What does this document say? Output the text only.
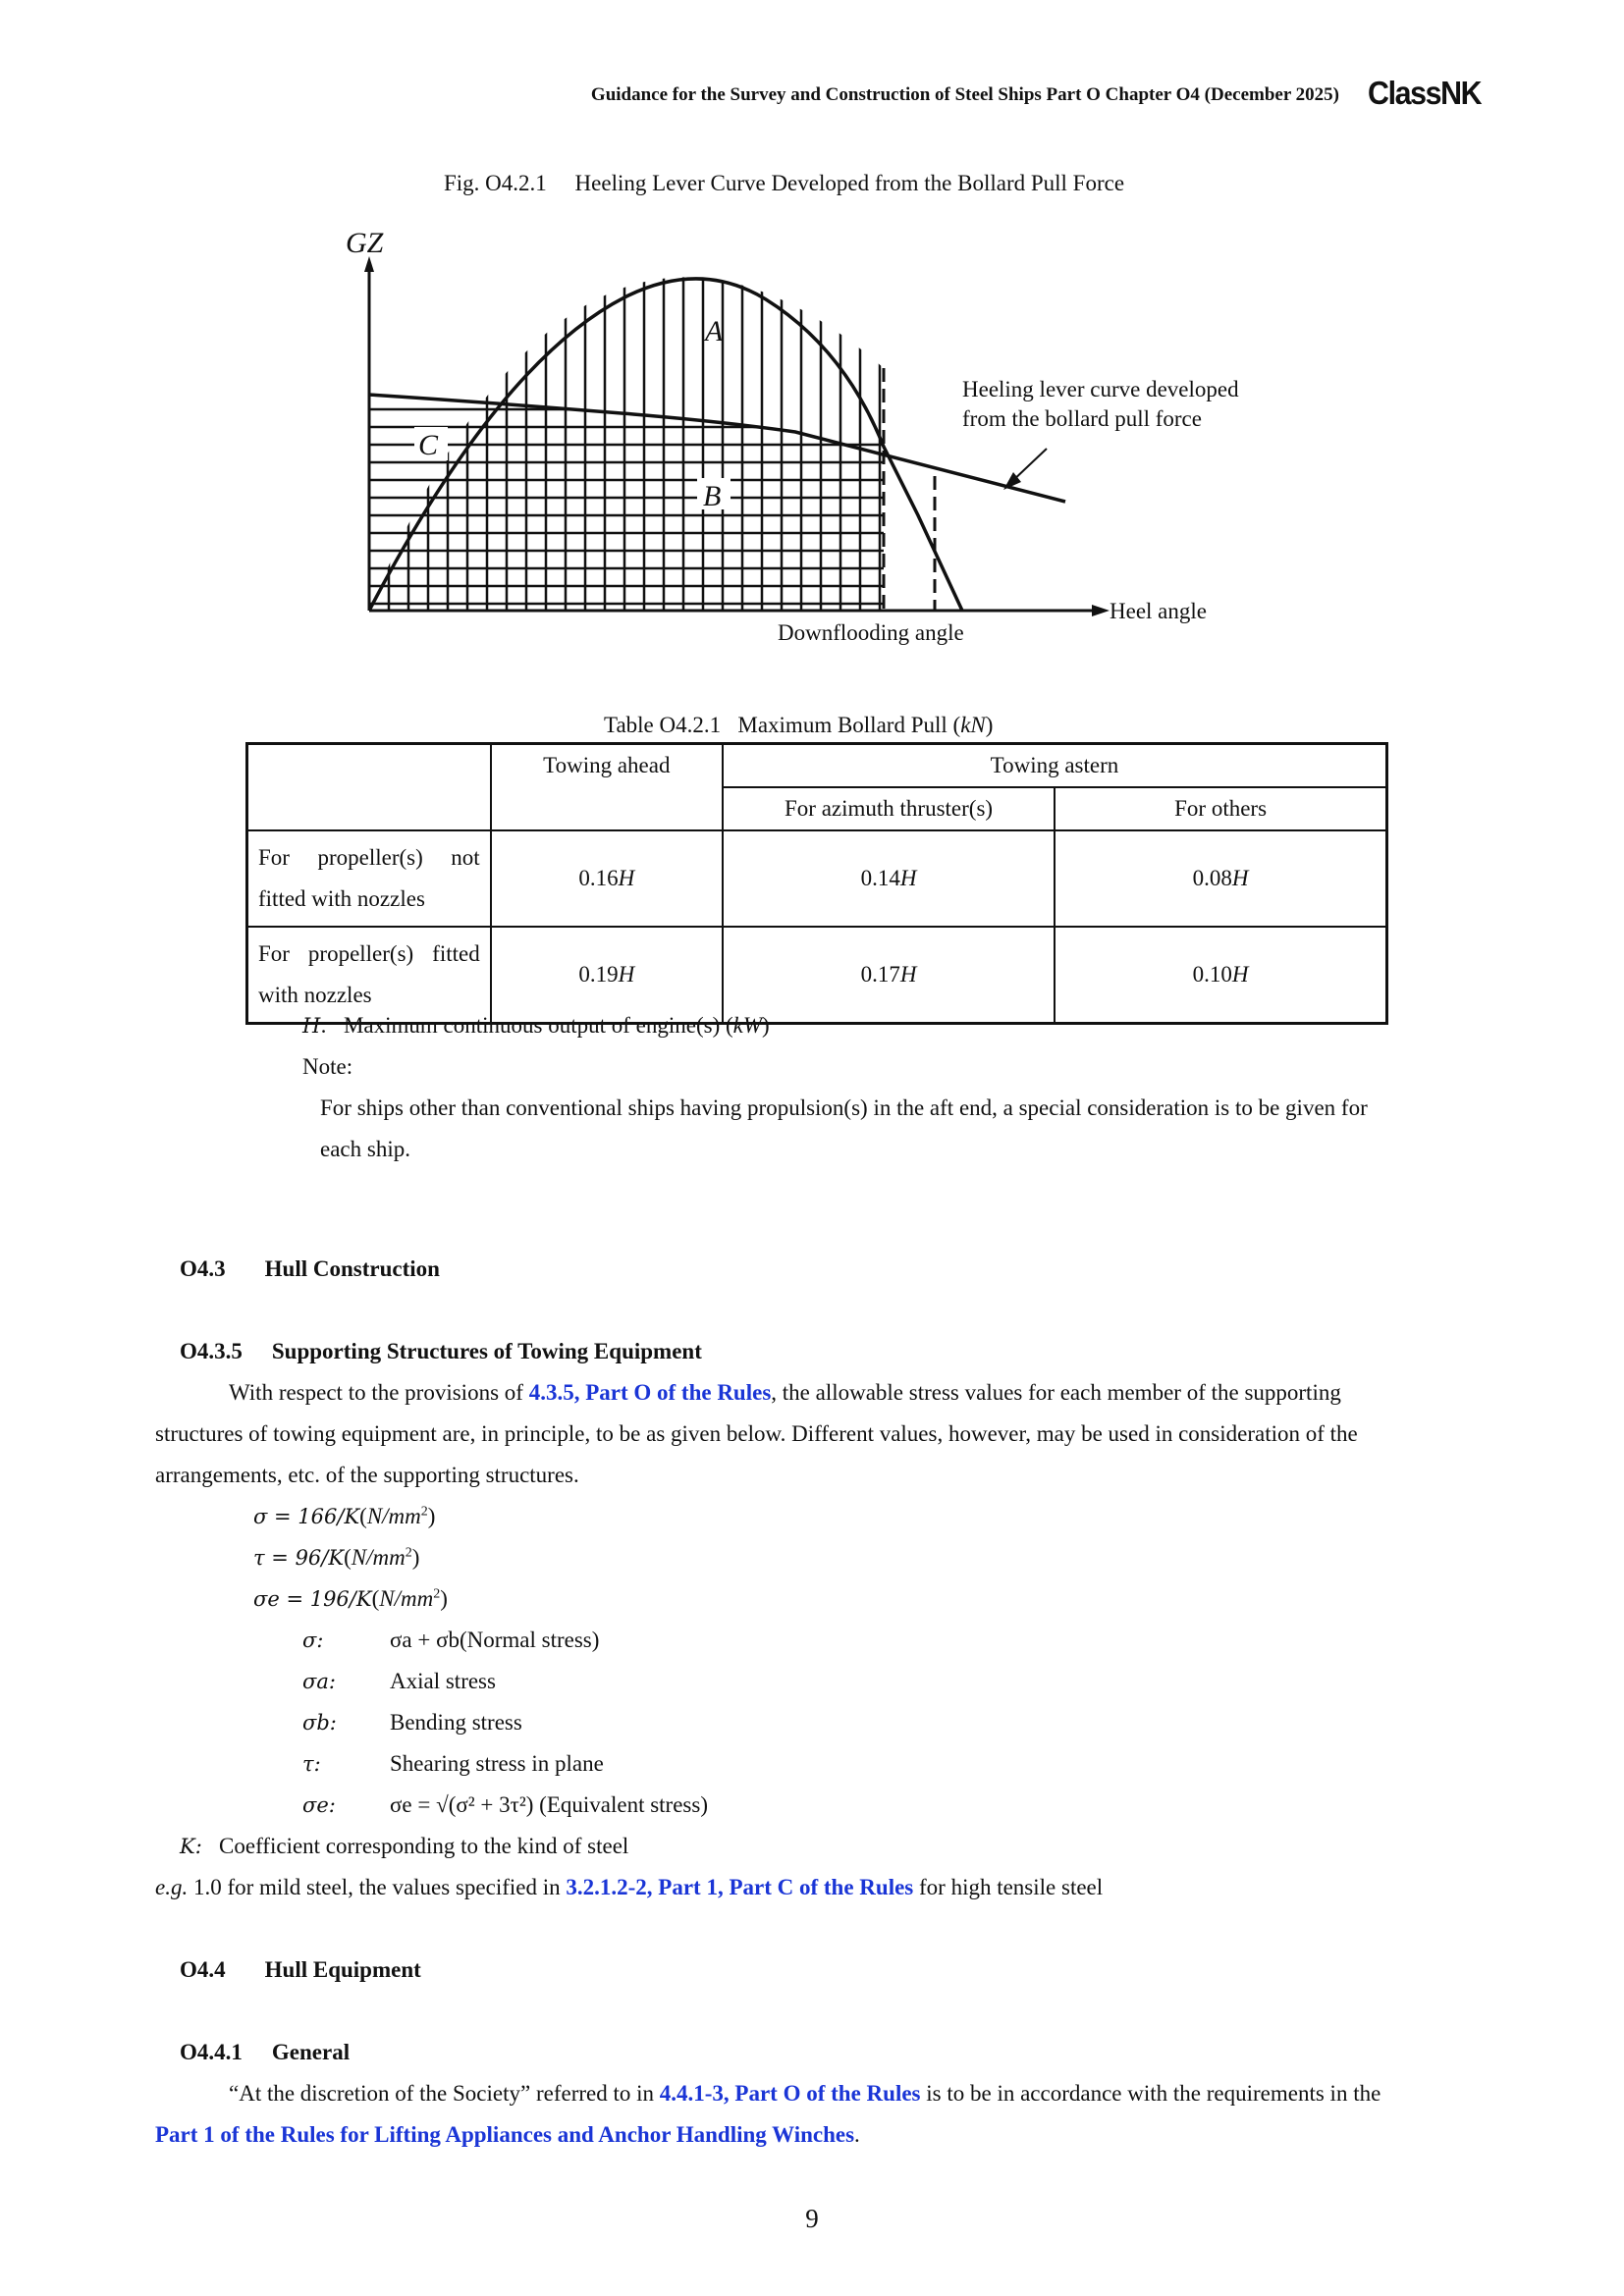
Guidance for the Survey and Construction of Steel Ships Part O Chapter O4 (December 2025) ClassNK
Fig. O4.2.1 Heeling Lever Curve Developed from the Bollard Pull Force
GZ
A
B
C
Heeling lever curve developed
from the bollard pull force
Heel angle
Downflooding angle
Table O4.2.1 Maximum Bollard Pull (kN)
	Towing ahead	Towing astern	
		For azimuth thruster(s)	For others
For propeller(s) not fitted with nozzles	0.16H	0.14H	0.08H
For propeller(s) fitted with nozzles	0.19H	0.17H	0.10H
H:   Maximum continuous output of engine(s) (kW)
Note:
For ships other than conventional ships having propulsion(s) in the aft end, a special consideration is to be given for
each ship.
O4.3 Hull Construction
O4.3.5 Supporting Structures of Towing Equipment
With respect to the provisions of 4.3.5, Part O of the Rules, the allowable stress values for each member of the supporting
structures of towing equipment are, in principle, to be as given below. Different values, however, may be used in consideration of the
arrangements, etc. of the supporting structures.
$\sigma = 166/K(N/mm^2)$
$\tau = 96/K(N/mm^2)$
$\sigma e = 196/K(N/mm^2)$
σ:	σa + σb(Normal stress)
σa: Axial stress
σb: Bending stress
τ:	Shearing stress in plane
σe: σe = √(σ² + 3τ²) (Equivalent stress)
K: Coefficient corresponding to the kind of steel
e.g. 1.0 for mild steel, the values specified in 3.2.1.2-2, Part 1, Part C of the Rules for high tensile steel
O4.4 Hull Equipment
O4.4.1 General
“At the discretion of the Society” referred to in 4.4.1-3, Part O of the Rules is to be in accordance with the requirements in the
Part 1 of the Rules for Lifting Appliances and Anchor Handling Winches.
9
